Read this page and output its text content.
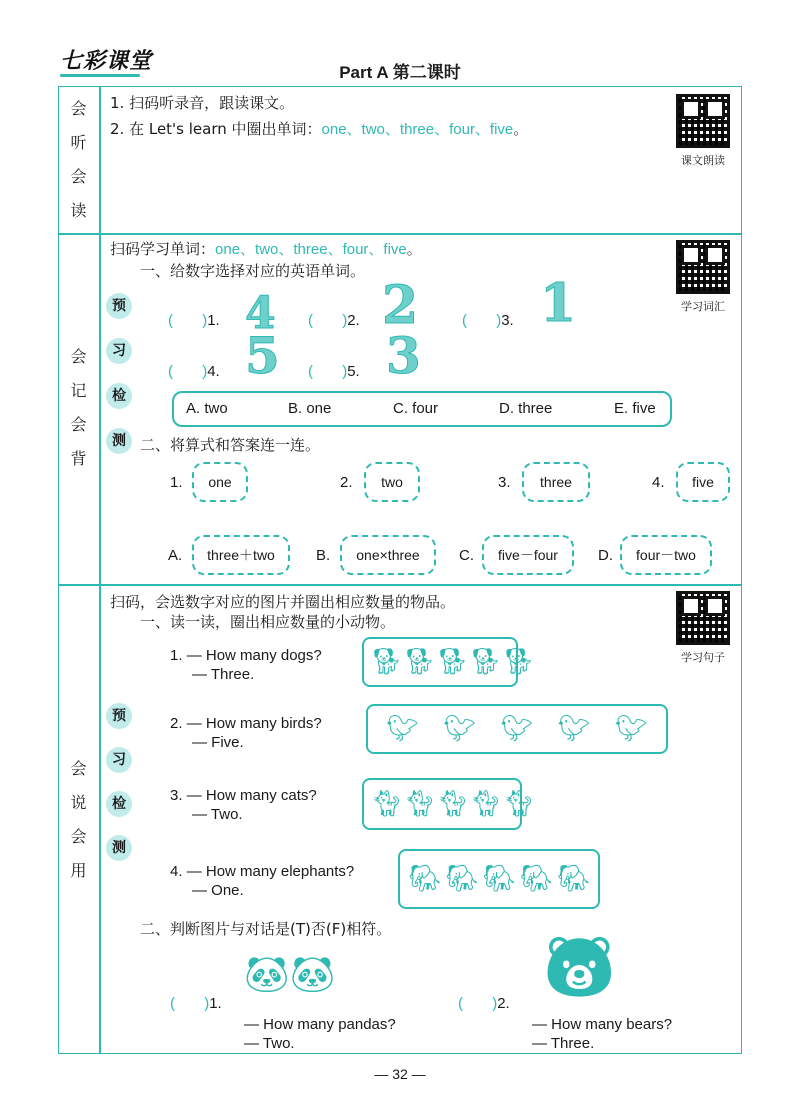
七彩课堂	Part A 第二课时
会
听
会
读
1. 扫码听录音，跟读课文。
2. 在 Let's learn 中圈出单词：one、two、three、four、five。
课文朗读
会
记
会
背
扫码学习单词：one、two、three、four、five。
学习词汇
一、给数字选择对应的英语单词。
预
习
检
测
( )1. 4 ( )2. 2	( )3. 1
( )4. 5 ( )5. 3
A. two	B. one	C. four	D. three	E. five
二、将算式和答案连一连。
1.	one	2.	two	3.	three	4.	five
A.	three＋two	B.	one×three	C.	five－four	D.	four－two
会
说
会
用
扫码，会选数字对应的图片并圈出相应数量的物品。
学习句子
一、读一读，圈出相应数量的小动物。
预
习
检
测
1. — How many dogs?
— Three.	🐕︎ 🐕︎ 🐕︎ 🐕︎ 🐕︎
2. — How many birds?
— Five.	🐦︎ 🐦︎ 🐦︎ 🐦︎ 🐦︎
3. — How many cats?
— Two.	🐈︎ 🐈︎ 🐈︎ 🐈︎ 🐈︎
4. — How many elephants?
— One.	🐘︎ 🐘︎ 🐘︎ 🐘︎ 🐘︎
二、判断图片与对话是(T)否(F)相符。
( )1.
🐼︎🐼︎
— How many pandas?
— Two.
( )2.
🐻︎
— How many bears?
— Three.
— 32 —
